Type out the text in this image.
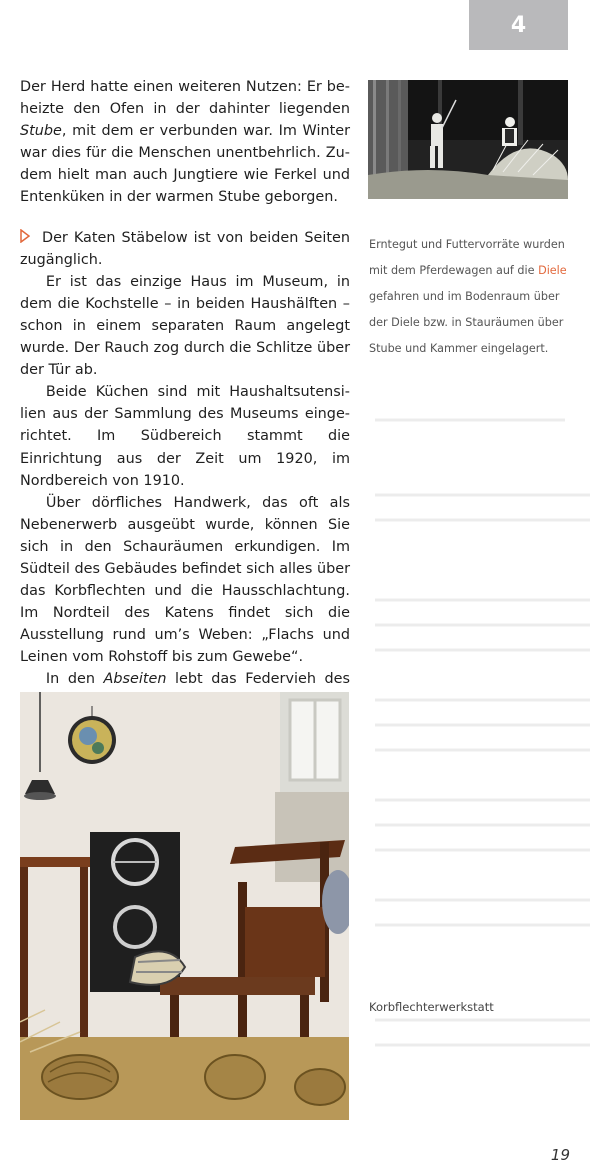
4

Der Herd hatte einen weiteren Nutzen: Er beheizte den Ofen in der dahinter liegenden Stube, mit dem er verbunden war. Im Winter war dies für die Menschen unentbehrlich. Zudem hielt man auch Jungtiere wie Ferkel und Entenküken in der warmen Stube geborgen.

Der Katen Stäbelow ist von beiden Seiten zugänglich.

Er ist das einzige Haus im Museum, in dem die Kochstelle – in beiden Haushälften – schon in einem separaten Raum angelegt wurde. Der Rauch zog durch die Schlitze über der Tür ab.

Beide Küchen sind mit Haushaltsutensilien aus der Sammlung des Museums eingerichtet. Im Südbereich stammt die Einrichtung aus der Zeit um 1920, im Nordbereich von 1910.

Über dörfliches Handwerk, das oft als Nebenerwerb ausgeübt wurde, können Sie sich in den Schauräumen erkundigen. Im Südteil des Gebäudes befindet sich alles über das Korbflechten und die Hausschlachtung. Im Nordteil des Katens findet sich die Ausstellung rund um’s Weben: „Flachs und Leinen vom Rohstoff bis zum Gewebe“.

In den Abseiten lebt das Federvieh des

Erntegut und Futtervorräte wurden mit dem Pferdewagen auf die Diele gefahren und im Bodenraum über der Diele bzw. in Stauräumen über Stube und Kammer eingelagert.
Korbflechterwerkstatt
19
